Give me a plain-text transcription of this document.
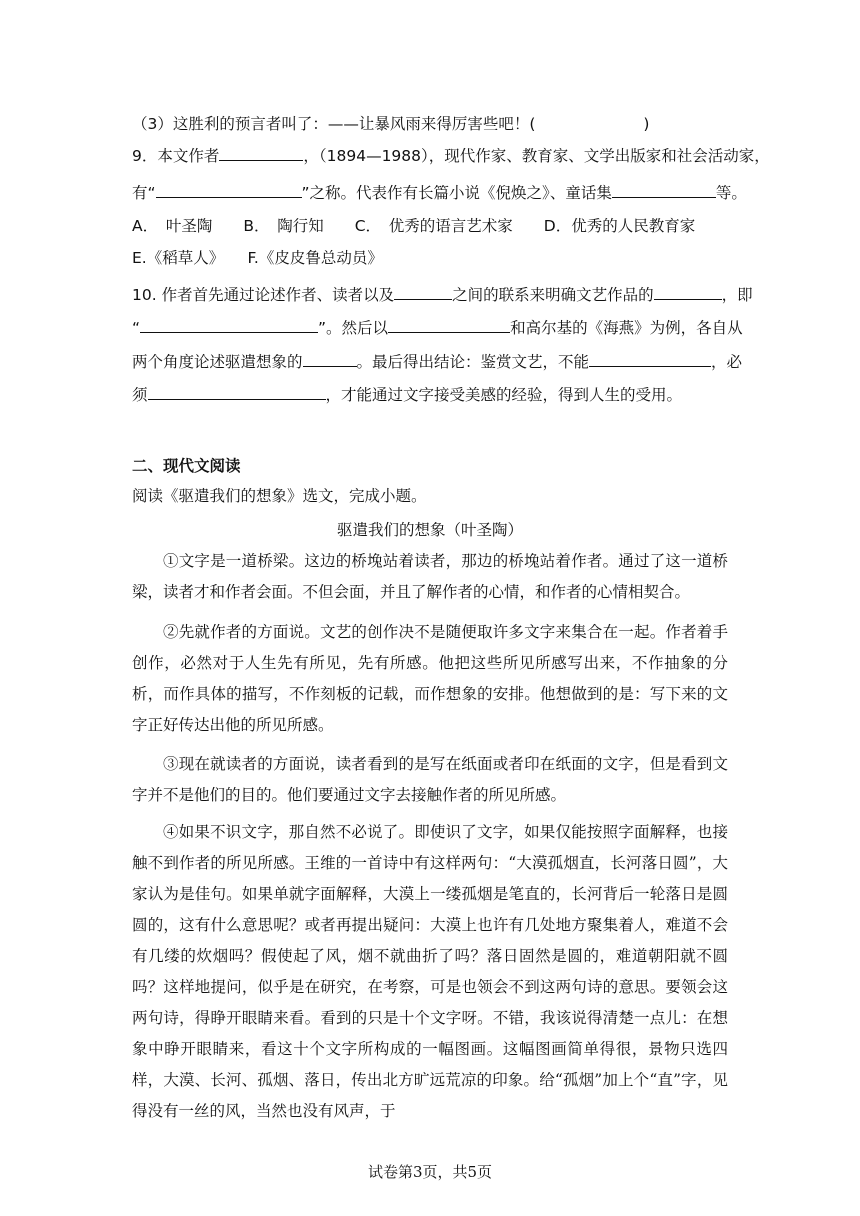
（3）这胜利的预言者叫了：——让暴风雨来得厉害些吧！(	)
9．本文作者	，（1894—1988），现代作家、教育家、文学出版家和社会活动家，
有“	”之称。代表作有长篇小说《倪焕之》、童话集	等。
A．　叶圣陶　　B．　陶行知　　C．　优秀的语言艺术家　　D．优秀的人民教育家
E.《稻草人》　　F.《皮皮鲁总动员》
10. 作者首先通过论述作者、读者以及	之间的联系来明确文艺作品的	，即
“	”。然后以	和高尔基的《海燕》为例，各自从
两个角度论述驱遣想象的	。最后得出结论：鉴赏文艺，不能	，必
须	，才能通过文字接受美感的经验，得到人生的受用。
二、现代文阅读
阅读《驱遣我们的想象》选文，完成小题。
驱遣我们的想象（叶圣陶）
①文字是一道桥梁。这边的桥堍站着读者，那边的桥堍站着作者。通过了这一道桥梁，读者才和作者会面。不但会面，并且了解作者的心情，和作者的心情相契合。
②先就作者的方面说。文艺的创作决不是随便取许多文字来集合在一起。作者着手创作，必然对于人生先有所见，先有所感。他把这些所见所感写出来，不作抽象的分析，而作具体的描写，不作刻板的记载，而作想象的安排。他想做到的是：写下来的文字正好传达出他的所见所感。
③现在就读者的方面说，读者看到的是写在纸面或者印在纸面的文字，但是看到文字并不是他们的目的。他们要通过文字去接触作者的所见所感。
④如果不识文字，那自然不必说了。即使识了文字，如果仅能按照字面解释，也接触不到作者的所见所感。王维的一首诗中有这样两句：“大漠孤烟直，长河落日圆”，大家认为是佳句。如果单就字面解释，大漠上一缕孤烟是笔直的，长河背后一轮落日是圆圆的，这有什么意思呢？或者再提出疑问：大漠上也许有几处地方聚集着人，难道不会有几缕的炊烟吗？假使起了风，烟不就曲折了吗？落日固然是圆的，难道朝阳就不圆吗？这样地提问，似乎是在研究，在考察，可是也领会不到这两句诗的意思。要领会这两句诗，得睁开眼睛来看。看到的只是十个文字呀。不错，我该说得清楚一点儿：在想象中睁开眼睛来，看这十个文字所构成的一幅图画。这幅图画简单得很，景物只选四样，大漠、长河、孤烟、落日，传出北方旷远荒凉的印象。给“孤烟”加上个“直”字，见得没有一丝的风，当然也没有风声，于
试卷第3页，共5页
